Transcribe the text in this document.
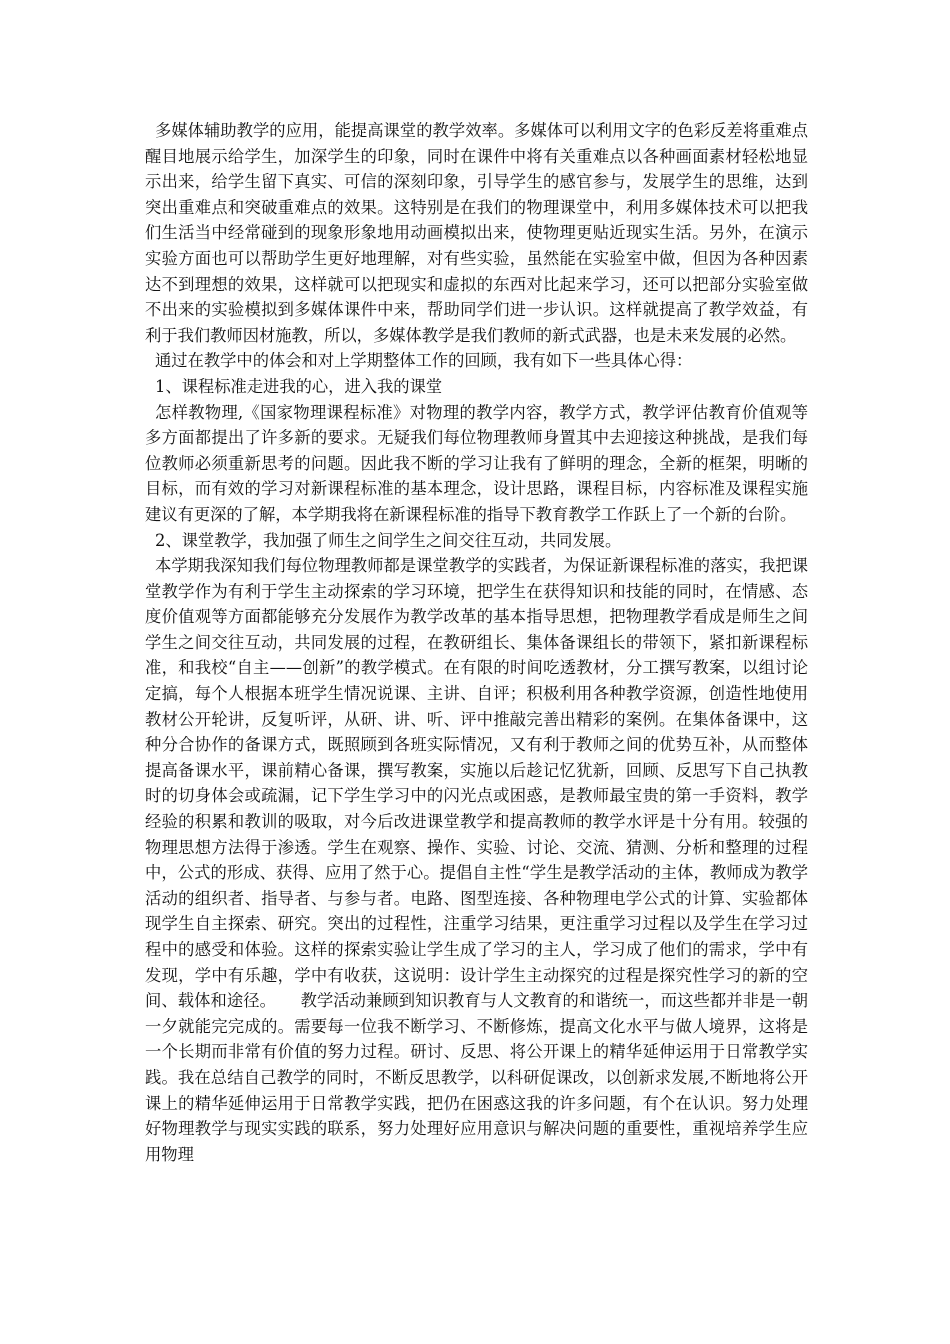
多媒体辅助教学的应用，能提高课堂的教学效率。多媒体可以利用文字的色彩反差将重难点醒目地展示给学生，加深学生的印象，同时在课件中将有关重难点以各种画面素材轻松地显示出来，给学生留下真实、可信的深刻印象，引导学生的感官参与，发展学生的思维，达到突出重难点和突破重难点的效果。这特别是在我们的物理课堂中，利用多媒体技术可以把我们生活当中经常碰到的现象形象地用动画模拟出来，使物理更贴近现实生活。另外，在演示实验方面也可以帮助学生更好地理解，对有些实验，虽然能在实验室中做，但因为各种因素达不到理想的效果，这样就可以把现实和虚拟的东西对比起来学习，还可以把部分实验室做不出来的实验模拟到多媒体课件中来，帮助同学们进一步认识。这样就提高了教学效益，有利于我们教师因材施教，所以，多媒体教学是我们教师的新式武器，也是未来发展的必然。

通过在教学中的体会和对上学期整体工作的回顾，我有如下一些具体心得：

1、课程标准走进我的心，进入我的课堂

怎样教物理,《国家物理课程标准》对物理的教学内容，教学方式，教学评估教育价值观等多方面都提出了许多新的要求。无疑我们每位物理教师身置其中去迎接这种挑战，是我们每位教师必须重新思考的问题。因此我不断的学习让我有了鲜明的理念，全新的框架，明晰的目标，而有效的学习对新课程标准的基本理念，设计思路，课程目标，内容标准及课程实施建议有更深的了解，本学期我将在新课程标准的指导下教育教学工作跃上了一个新的台阶。

2、课堂教学，我加强了师生之间学生之间交往互动，共同发展。

本学期我深知我们每位物理教师都是课堂教学的实践者，为保证新课程标准的落实，我把课堂教学作为有利于学生主动探索的学习环境，把学生在获得知识和技能的同时，在情感、态度价值观等方面都能够充分发展作为教学改革的基本指导思想，把物理教学看成是师生之间学生之间交往互动，共同发展的过程，在教研组长、集体备课组长的带领下，紧扣新课程标准，和我校“自主——创新”的教学模式。在有限的时间吃透教材，分工撰写教案，以组讨论定搞，每个人根据本班学生情况说课、主讲、自评；积极利用各种教学资源，创造性地使用教材公开轮讲，反复听评，从研、讲、听、评中推敲完善出精彩的案例。在集体备课中，这种分合协作的备课方式，既照顾到各班实际情况，又有利于教师之间的优势互补，从而整体提高备课水平，课前精心备课，撰写教案，实施以后趁记忆犹新，回顾、反思写下自己执教时的切身体会或疏漏，记下学生学习中的闪光点或困惑，是教师最宝贵的第一手资料，教学经验的积累和教训的吸取，对今后改进课堂教学和提高教师的教学水评是十分有用。较强的物理思想方法得于渗透。学生在观察、操作、实验、讨论、交流、猜测、分析和整理的过程中，公式的形成、获得、应用了然于心。提倡自主性“学生是教学活动的主体，教师成为教学活动的组织者、指导者、与参与者。电路、图型连接、各种物理电学公式的计算、实验都体现学生自主探索、研究。突出的过程性，注重学习结果，更注重学习过程以及学生在学习过程中的感受和体验。这样的探索实验让学生成了学习的主人，学习成了他们的需求，学中有发现，学中有乐趣，学中有收获，这说明：设计学生主动探究的过程是探究性学习的新的空间、载体和途径。　　教学活动兼顾到知识教育与人文教育的和谐统一，而这些都并非是一朝一夕就能完完成的。需要每一位我不断学习、不断修炼，提高文化水平与做人境界，这将是一个长期而非常有价值的努力过程。研讨、反思、将公开课上的精华延伸运用于日常教学实践。我在总结自己教学的同时，不断反思教学，以科研促课改，以创新求发展,不断地将公开课上的精华延伸运用于日常教学实践，把仍在困惑这我的许多问题，有个在认识。努力处理好物理教学与现实实践的联系，努力处理好应用意识与解决问题的重要性，重视培养学生应用物理
